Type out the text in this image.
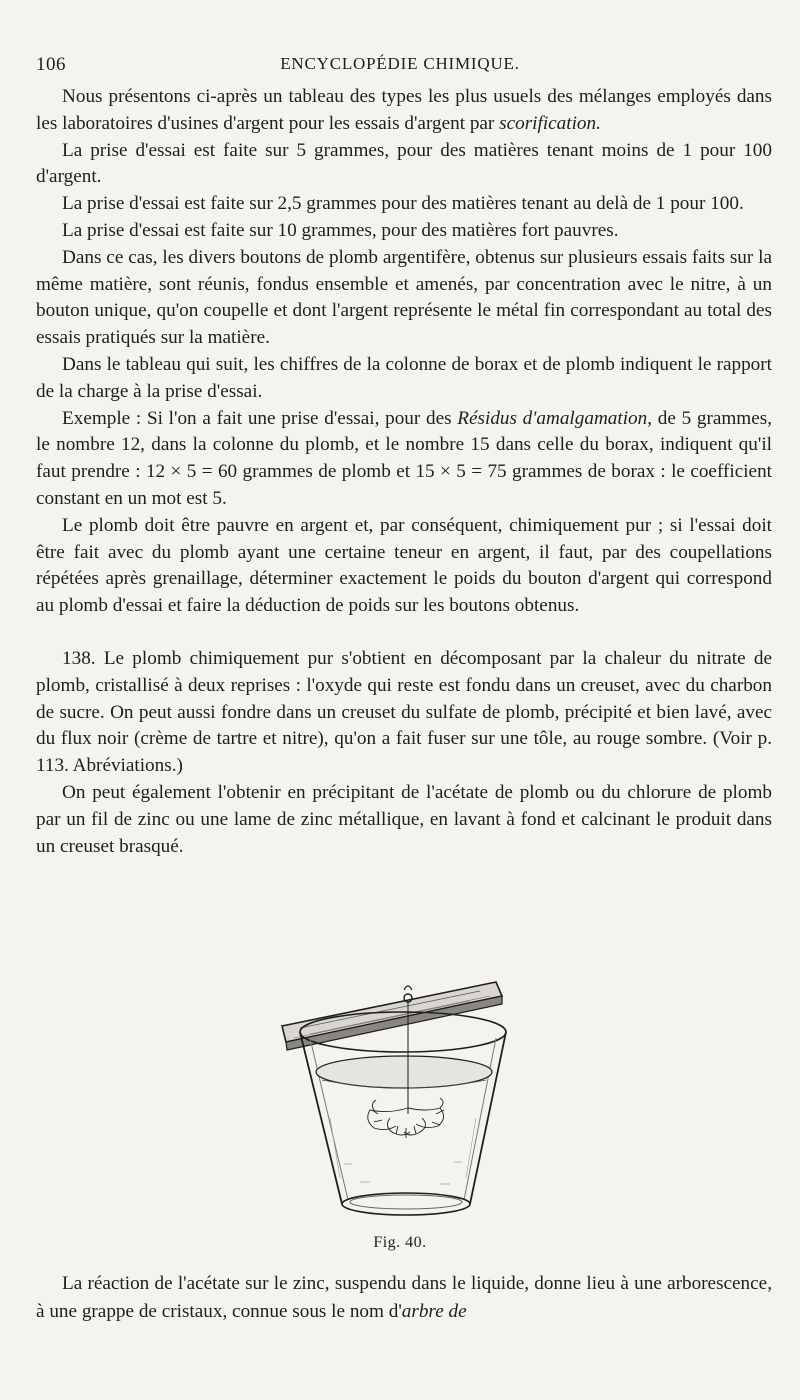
106	ENCYCLOPÉDIE CHIMIQUE.

Nous présentons ci-après un tableau des types les plus usuels des mélanges employés dans les laboratoires d'usines d'argent pour les essais d'argent par scorification.

La prise d'essai est faite sur 5 grammes, pour des matières tenant moins de 1 pour 100 d'argent.

La prise d'essai est faite sur 2,5 grammes pour des matières tenant au delà de 1 pour 100.

La prise d'essai est faite sur 10 grammes, pour des matières fort pauvres.

Dans ce cas, les divers boutons de plomb argentifère, obtenus sur plusieurs essais faits sur la même matière, sont réunis, fondus ensemble et amenés, par concentration avec le nitre, à un bouton unique, qu'on coupelle et dont l'argent représente le métal fin correspondant au total des essais pratiqués sur la matière.

Dans le tableau qui suit, les chiffres de la colonne de borax et de plomb indiquent le rapport de la charge à la prise d'essai.

Exemple : Si l'on a fait une prise d'essai, pour des Résidus d'amalgamation, de 5 grammes, le nombre 12, dans la colonne du plomb, et le nombre 15 dans celle du borax, indiquent qu'il faut prendre : 12 × 5 = 60 grammes de plomb et 15 × 5 = 75 grammes de borax : le coefficient constant en un mot est 5.

Le plomb doit être pauvre en argent et, par conséquent, chimiquement pur ; si l'essai doit être fait avec du plomb ayant une certaine teneur en argent, il faut, par des coupellations répétées après grenaillage, déterminer exactement le poids du bouton d'argent qui correspond au plomb d'essai et faire la déduction de poids sur les boutons obtenus.

138. Le plomb chimiquement pur s'obtient en décomposant par la chaleur du nitrate de plomb, cristallisé à deux reprises : l'oxyde qui reste est fondu dans un creuset, avec du charbon de sucre. On peut aussi fondre dans un creuset du sulfate de plomb, précipité et bien lavé, avec du flux noir (crème de tartre et nitre), qu'on a fait fuser sur une tôle, au rouge sombre. (Voir p. 113. Abréviations.)

On peut également l'obtenir en précipitant de l'acétate de plomb ou du chlorure de plomb par un fil de zinc ou une lame de zinc métallique, en lavant à fond et calcinant le produit dans un creuset brasqué.

Fig. 40.

La réaction de l'acétate sur le zinc, suspendu dans le liquide, donne lieu à une arborescence, à une grappe de cristaux, connue sous le nom d'arbre de
